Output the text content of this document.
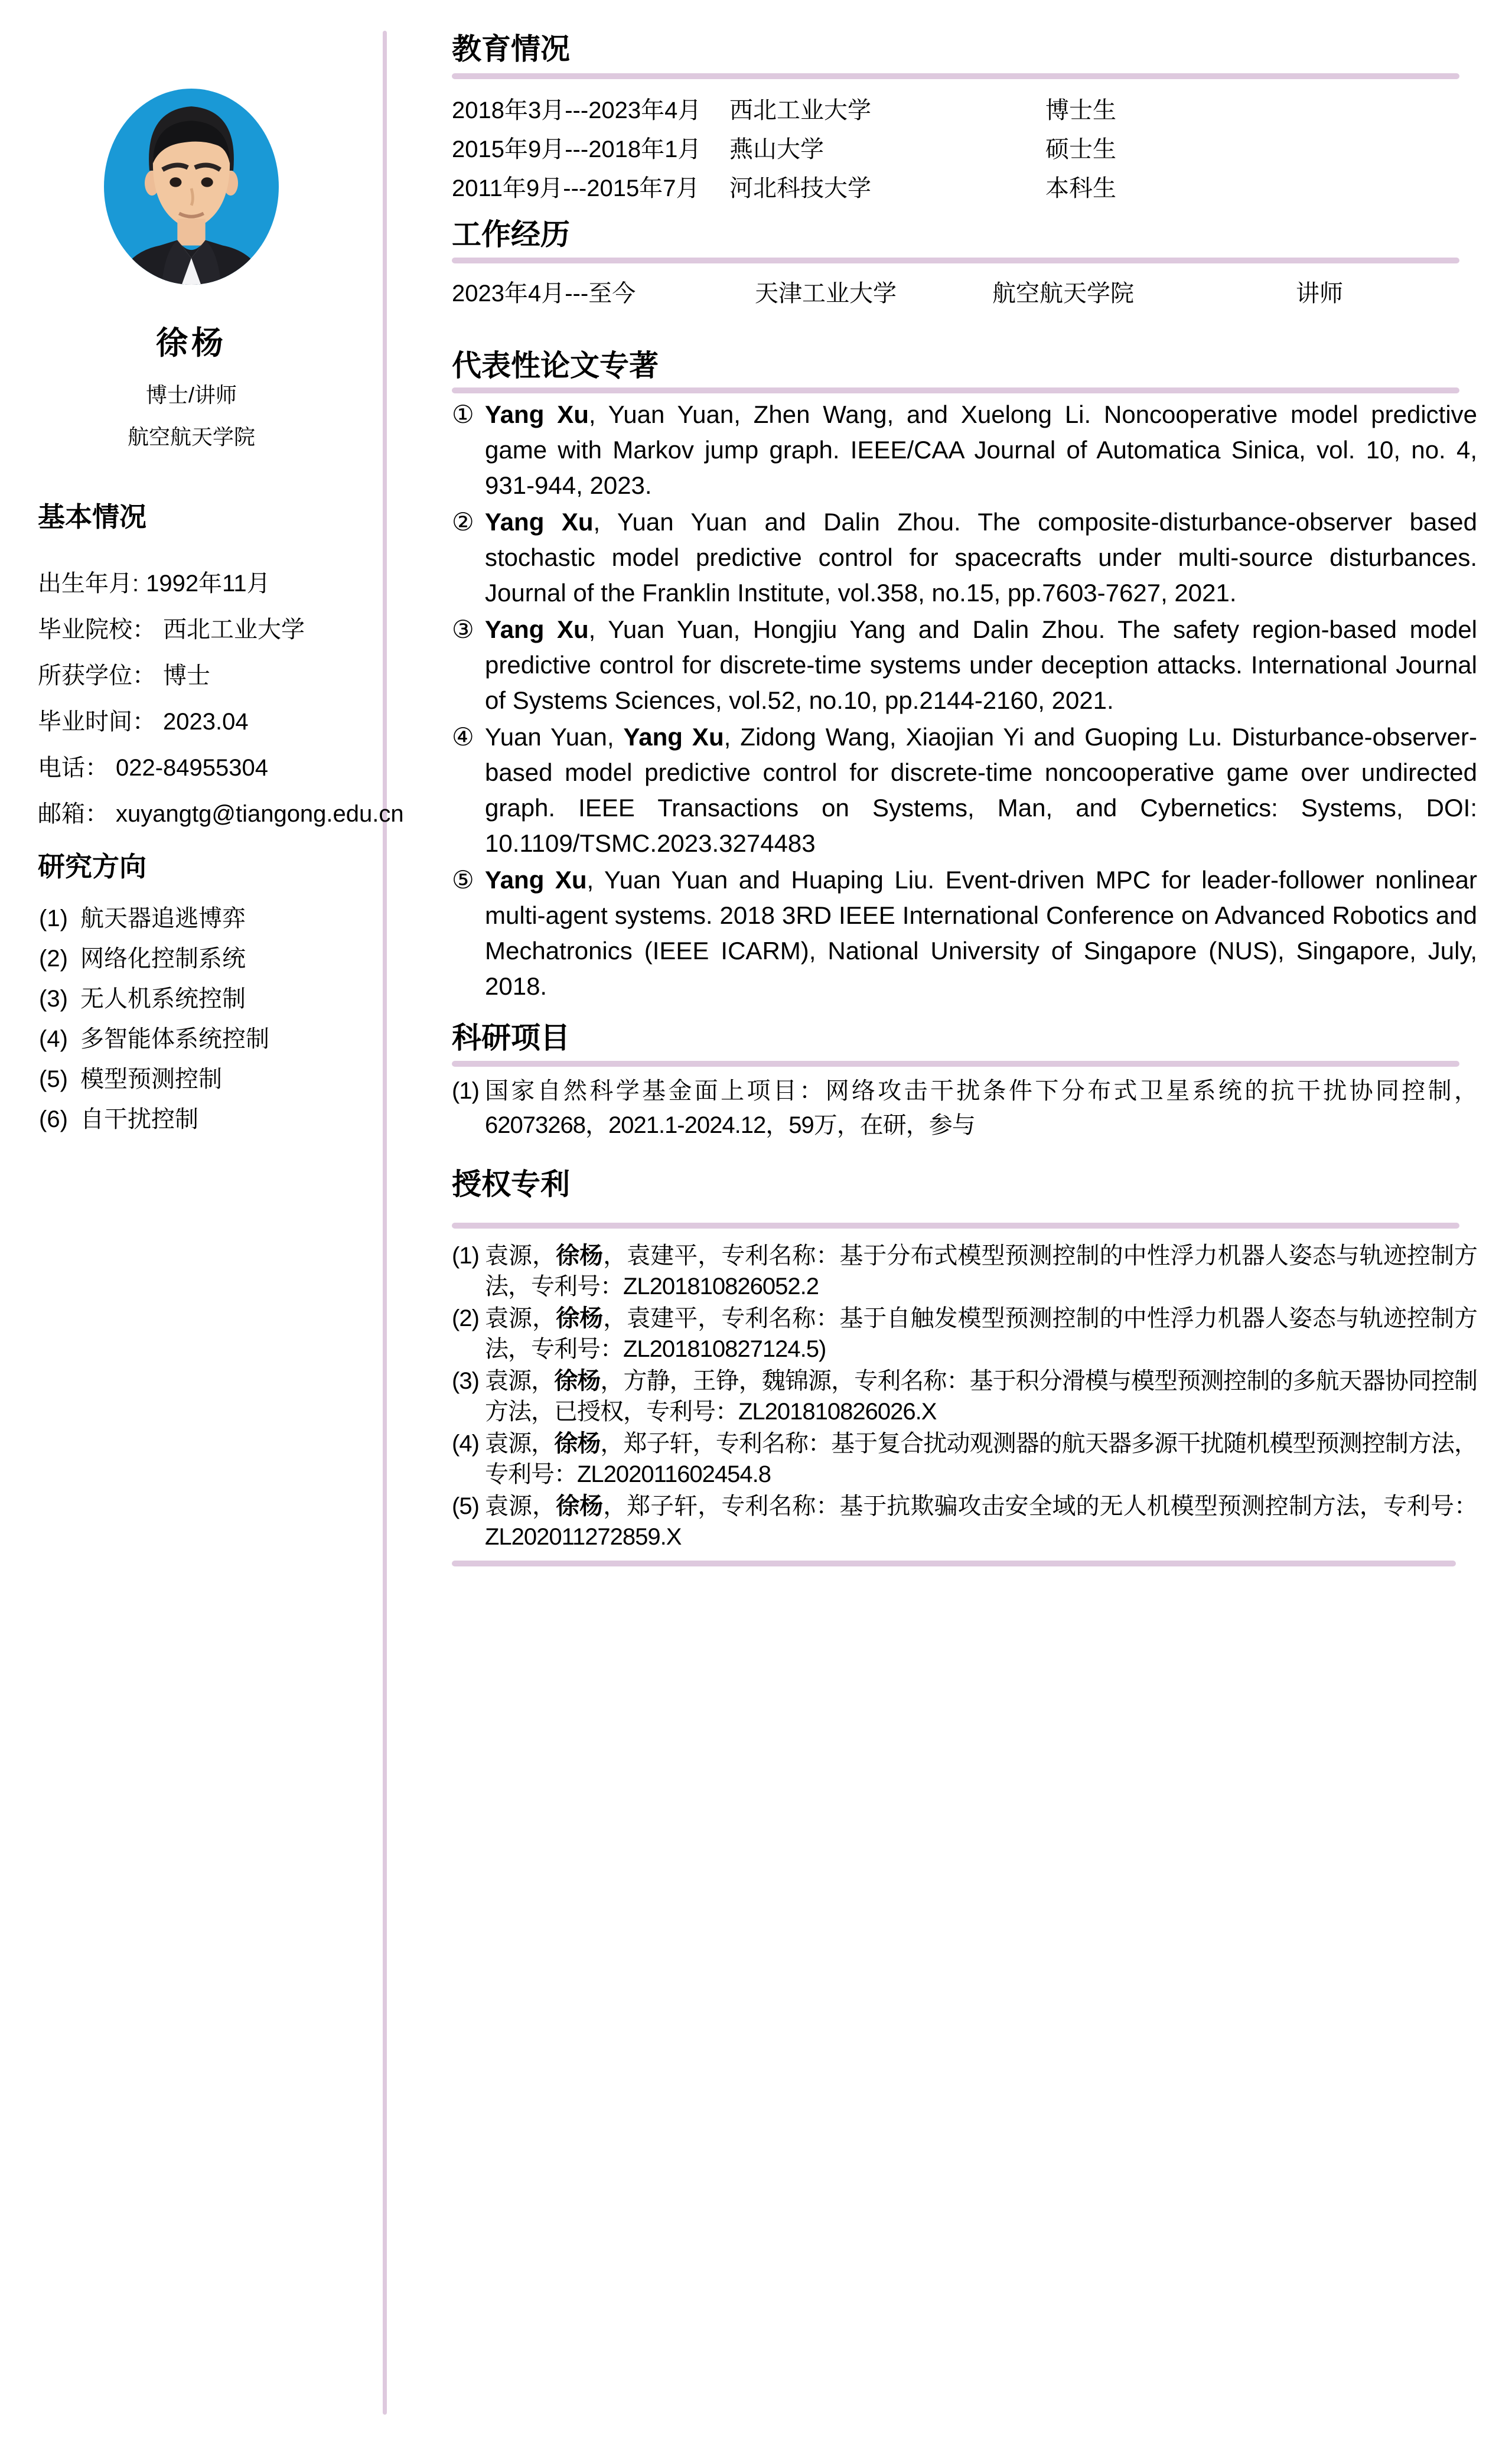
徐杨
博士/讲师
航空航天学院
基本情况
出生年月: 1992年11月
毕业院校： 西北工业大学
所获学位： 博士
毕业时间： 2023.04
电话： 022-84955304
邮箱： xuyangtg@tiangong.edu.cn
研究方向
(1) 航天器追逃博弈
(2) 网络化控制系统
(3) 无人机系统控制
(4) 多智能体系统控制
(5) 模型预测控制
(6) 自干扰控制
教育情况
2018年3月---2023年4月	西北工业大学	博士生
2015年9月---2018年1月	燕山大学	硕士生
2011年9月---2015年7月	河北科技大学	本科生
工作经历
2023年4月---至今	天津工业大学	航空航天学院	讲师
代表性论文专著
① Yang Xu, Yuan Yuan, Zhen Wang, and Xuelong Li. Noncooperative model predictive game with Markov jump graph. IEEE/CAA Journal of Automatica Sinica, vol. 10, no. 4, 931-944, 2023.
② Yang Xu, Yuan Yuan and Dalin Zhou. The composite-disturbance-observer based stochastic model predictive control for spacecrafts under multi-source disturbances. Journal of the Franklin Institute, vol.358, no.15, pp.7603-7627, 2021.
③ Yang Xu, Yuan Yuan, Hongjiu Yang and Dalin Zhou. The safety region-based model predictive control for discrete-time systems under deception attacks. International Journal of Systems Sciences, vol.52, no.10, pp.2144-2160, 2021.
④ Yuan Yuan, Yang Xu, Zidong Wang, Xiaojian Yi and Guoping Lu. Disturbance-observer-based model predictive control for discrete-time noncooperative game over undirected graph. IEEE Transactions on Systems, Man, and Cybernetics: Systems, DOI: 10.1109/TSMC.2023.3274483
⑤ Yang Xu, Yuan Yuan and Huaping Liu. Event-driven MPC for leader-follower nonlinear multi-agent systems. 2018 3RD IEEE International Conference on Advanced Robotics and Mechatronics (IEEE ICARM), National University of Singapore (NUS), Singapore, July, 2018.
科研项目
(1) 国家自然科学基金面上项目：网络攻击干扰条件下分布式卫星系统的抗干扰协同控制，62073268，2021.1-2024.12，59万，在研，参与
授权专利
(1) 袁源，徐杨，袁建平，专利名称：基于分布式模型预测控制的中性浮力机器人姿态与轨迹控制方法，专利号：ZL201810826052.2
(2) 袁源，徐杨，袁建平，专利名称：基于自触发模型预测控制的中性浮力机器人姿态与轨迹控制方法，专利号：ZL201810827124.5)
(3) 袁源，徐杨，方静，王铮，魏锦源，专利名称：基于积分滑模与模型预测控制的多航天器协同控制方法，已授权，专利号：ZL201810826026.X
(4) 袁源，徐杨，郑子轩，专利名称：基于复合扰动观测器的航天器多源干扰随机模型预测控制方法，专利号：ZL202011602454.8
(5) 袁源，徐杨，郑子轩，专利名称：基于抗欺骗攻击安全域的无人机模型预测控制方法，专利号：ZL202011272859.X
